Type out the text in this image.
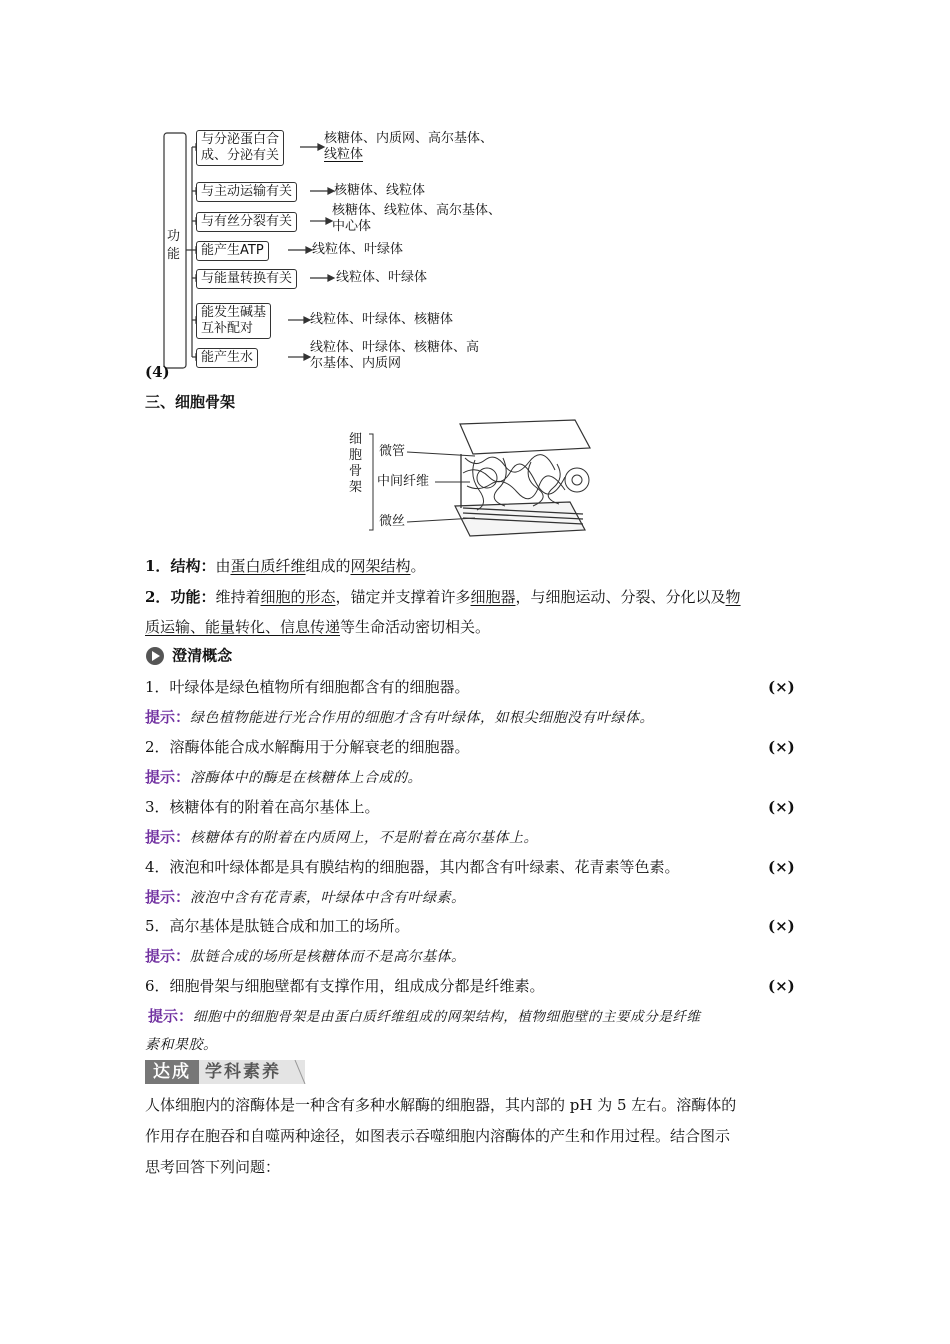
功能
与分泌蛋白合
成、分泌有关
核糖体、内质网、高尔基体、
线粒体
与主动运输有关	核糖体、线粒体
与有丝分裂有关
核糖体、线粒体、高尔基体、
中心体
能产生ATP	线粒体、叶绿体
与能量转换有关	线粒体、叶绿体
能发生碱基
互补配对
线粒体、叶绿体、核糖体
能产生水
线粒体、叶绿体、核糖体、高
尔基体、内质网
(4)
三、细胞骨架
细胞骨架
微管
中间纤维
微丝
1．结构：由蛋白质纤维组成的网架结构。
2．功能：维持着细胞的形态，锚定并支撑着许多细胞器，与细胞运动、分裂、分化以及物
质运输、能量转化、信息传递等生命活动密切相关。
澄清概念
1．叶绿体是绿色植物所有细胞都含有的细胞器。	(×)
提示：绿色植物能进行光合作用的细胞才含有叶绿体，如根尖细胞没有叶绿体。
2．溶酶体能合成水解酶用于分解衰老的细胞器。	(×)
提示：溶酶体中的酶是在核糖体上合成的。
3．核糖体有的附着在高尔基体上。	(×)
提示：核糖体有的附着在内质网上，不是附着在高尔基体上。
4．液泡和叶绿体都是具有膜结构的细胞器，其内都含有叶绿素、花青素等色素。	(×)
提示：液泡中含有花青素，叶绿体中含有叶绿素。
5．高尔基体是肽链合成和加工的场所。	(×)
提示：肽链合成的场所是核糖体而不是高尔基体。
6．细胞骨架与细胞壁都有支撑作用，组成成分都是纤维素。	(×)
提示：细胞中的细胞骨架是由蛋白质纤维组成的网架结构，植物细胞壁的主要成分是纤维
素和果胶。
达成 学科素养
人体细胞内的溶酶体是一种含有多种水解酶的细胞器，其内部的 pH 为 5 左右。溶酶体的
作用存在胞吞和自噬两种途径，如图表示吞噬细胞内溶酶体的产生和作用过程。结合图示
思考回答下列问题：
